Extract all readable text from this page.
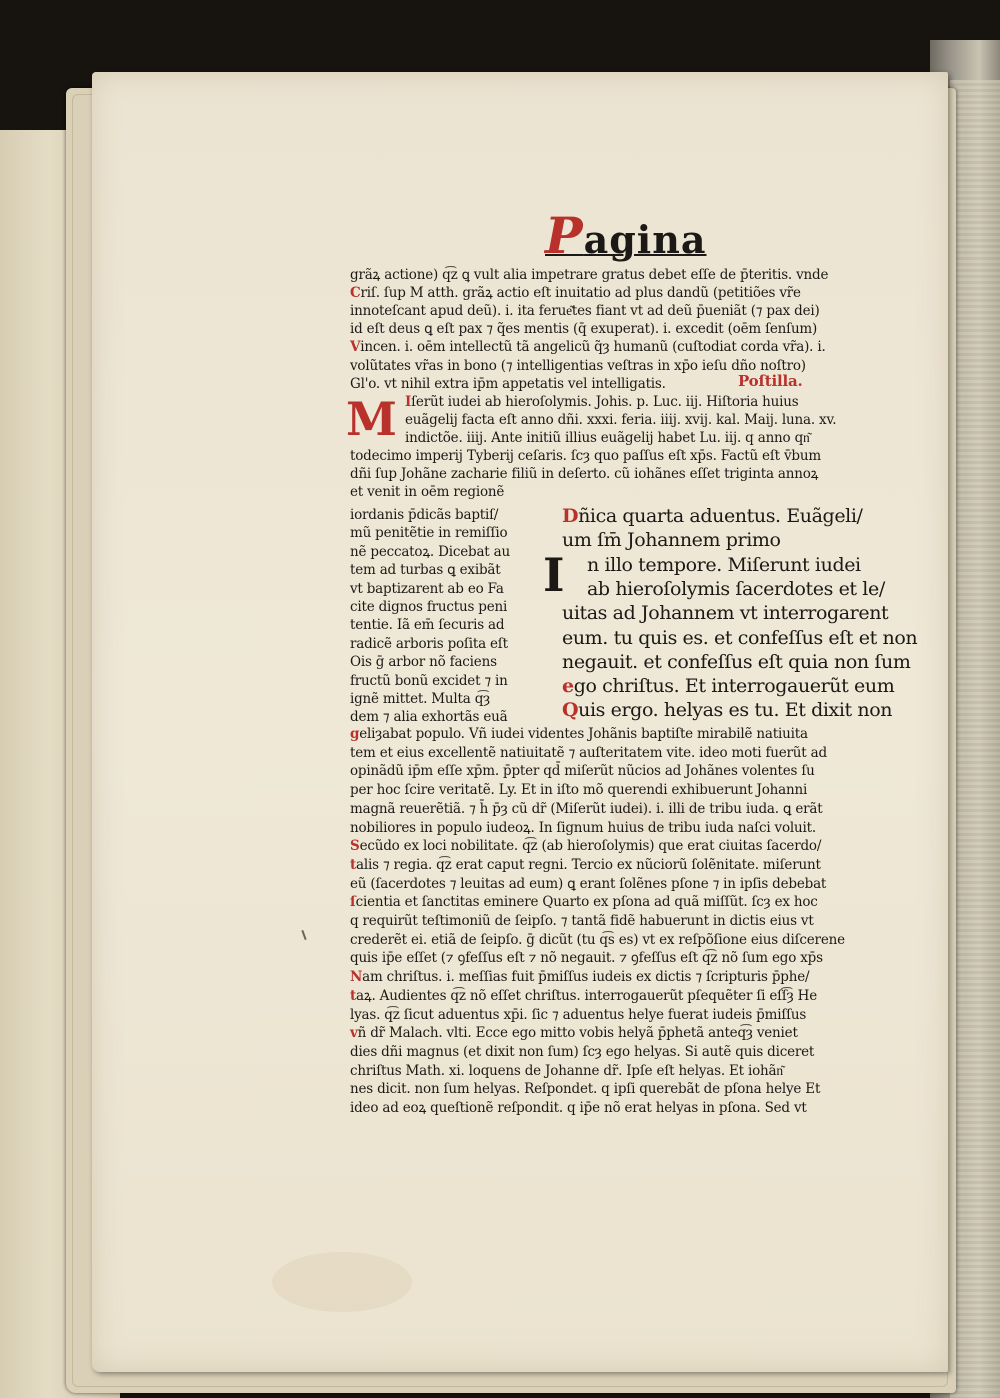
Pagina
grãꝝ actione) q͡z ꝗ vult alia impetrare gratus debet eſſe de p̄teritis. vnde
Criſ. ſup M atth. grãꝝ actio eſt inuitatio ad plus dandũ (petitiões vr̃e
innoteſcant apud deũ). i. ita ferue͂tes fiant vt ad deũ p̄ueniãt (⁊ pax dei)
id eſt deus ꝗ eſt pax ⁊ q̃es mentis (q̄ exuperat). i. excedit (oēm ſenſum)
Vincen. i. oēm intellectũ tã angelicũ q̃ȝ humanũ (cuſtodiat corda vr̃a). i.
volũtates vr̃as in bono (⁊ intelligentias veſtras in xp̄o ieſu dño noſtro)
Gl'o. vt nihil extra ip̄m appetatis vel intelligatis.
Iſerũt iudei ab hieroſolymis. Johis. p. Luc. iij. Hiſtoria huius
euãgelij facta eſt anno dñi. xxxi. feria. iiij. xvij. kal. Maij. luna. xv.
indictõe. iiij. Ante initiũ illius euãgelij habet Lu. iij. q anno qn͂
todecimo imperij Tyberij ceſaris. ſcȝ quo paſſus eſt xp̄s. Factũ eſt v̄bum
dñi ſup Johãne zacharie filiũ in deſerto. cũ iohãnes eſſet triginta annoꝝ
et venit in oēm regionẽ
Poſtilla.
M
iordanis p̄dicãs baptiſ/
mũ penitẽtie in remiſſio
nẽ peccatoꝝ. Dicebat au
tem ad turbas ꝗ exibãt
vt baptizarent ab eo Fa
cite dignos fructus peni
tentie. Iã em̄ ſecuris ad
radicẽ arboris poſita eſt
Ois ḡ arbor nõ faciens
fructũ bonũ excidet ⁊ in
ignẽ mittet. Multa q͡ȝ
dem ⁊ alia exhortãs euã
Dñica quarta aduentus. Euãgeli/
um ſm̄ Johannem primo
n illo tempore. Miſerunt iudei
ab hieroſolymis ſacerdotes et le/
uitas ad Johannem vt interrogarent
eum. tu quis es. et confeſſus eſt et non
negauit. et confeſſus eſt quia non ſum
ego chriſtus. Et interrogauerũt eum
Quis ergo. helyas es tu. Et dixit non
I
geliȝabat populo. Vñ iudei videntes Johãnis baptiſte mirabilẽ natiuita
tem et eius excellentẽ natiuitatẽ ⁊ auſteritatem vite. ideo moti fuerũt ad
opinãdũ ip̄m eſſe xp̄m. p̄pter qd̄ miſerũt nũcios ad Johãnes volentes ſu
per hoc ſcire veritatẽ. Ly. Et in iſto mõ querendi exhibuerunt Johanni
magnã reuerẽtiã. ⁊ h̄ p̄ȝ cũ dr̃ (Miſerũt iudei). i. illi de tribu iuda. ꝗ erãt
nobiliores in populo iudeoꝝ. In ſignum huius de tribu iuda naſci voluit.
Secũdo ex loci nobilitate. q͡z (ab hieroſolymis) que erat ciuitas ſacerdo/
talis ⁊ regia. q͡z erat caput regni. Tercio ex nũciorũ ſolẽnitate. miſerunt
eũ (ſacerdotes ⁊ leuitas ad eum) ꝗ erant ſolẽnes pſone ⁊ in ipſis debebat
ſcientia et ſanctitas eminere Quarto ex pſona ad quã miſſũt. ſcȝ ex hoc
q requirũt teſtimoniũ de ſeipſo. ⁊ tantã fidẽ habuerunt in dictis eius vt
crederẽt ei. etiã de ſeipſo. ḡ dicũt (tu q͡s es) vt ex reſpõſione eius diſcerene
quis ip̄e eſſet (⁊ ꝯfeſſus eſt ⁊ nõ negauit. ⁊ ꝯfeſſus eſt q͡z nõ ſum ego xp̄s
Nam chriſtus. i. meſſias fuit p̄miſſus iudeis ex dictis ⁊ ſcripturis p̄phe/
taꝝ. Audientes q͡z nõ eſſet chriſtus. interrogauerũt pſequẽter ſi eſſ͡ȝ He
lyas. q͡z ſicut aduentus xp̄i. ſic ⁊ aduentus helye fuerat iudeis p̄miſſus
vñ dr̃ Malach. vlti. Ecce ego mitto vobis helyã p̄phetã anteq͡ȝ veniet
dies dñi magnus (et dixit non ſum) ſcȝ ego helyas. Si autẽ quis diceret
chriſtus Math. xi. loquens de Johanne dr̃. Ipſe eſt helyas. Et iohãn͂
nes dicit. non ſum helyas. Reſpondet. q ipſi querebãt de pſona helye Et
ideo ad eoꝝ queſtionẽ reſpondit. q ip̄e nõ erat helyas in pſona. Sed vt
